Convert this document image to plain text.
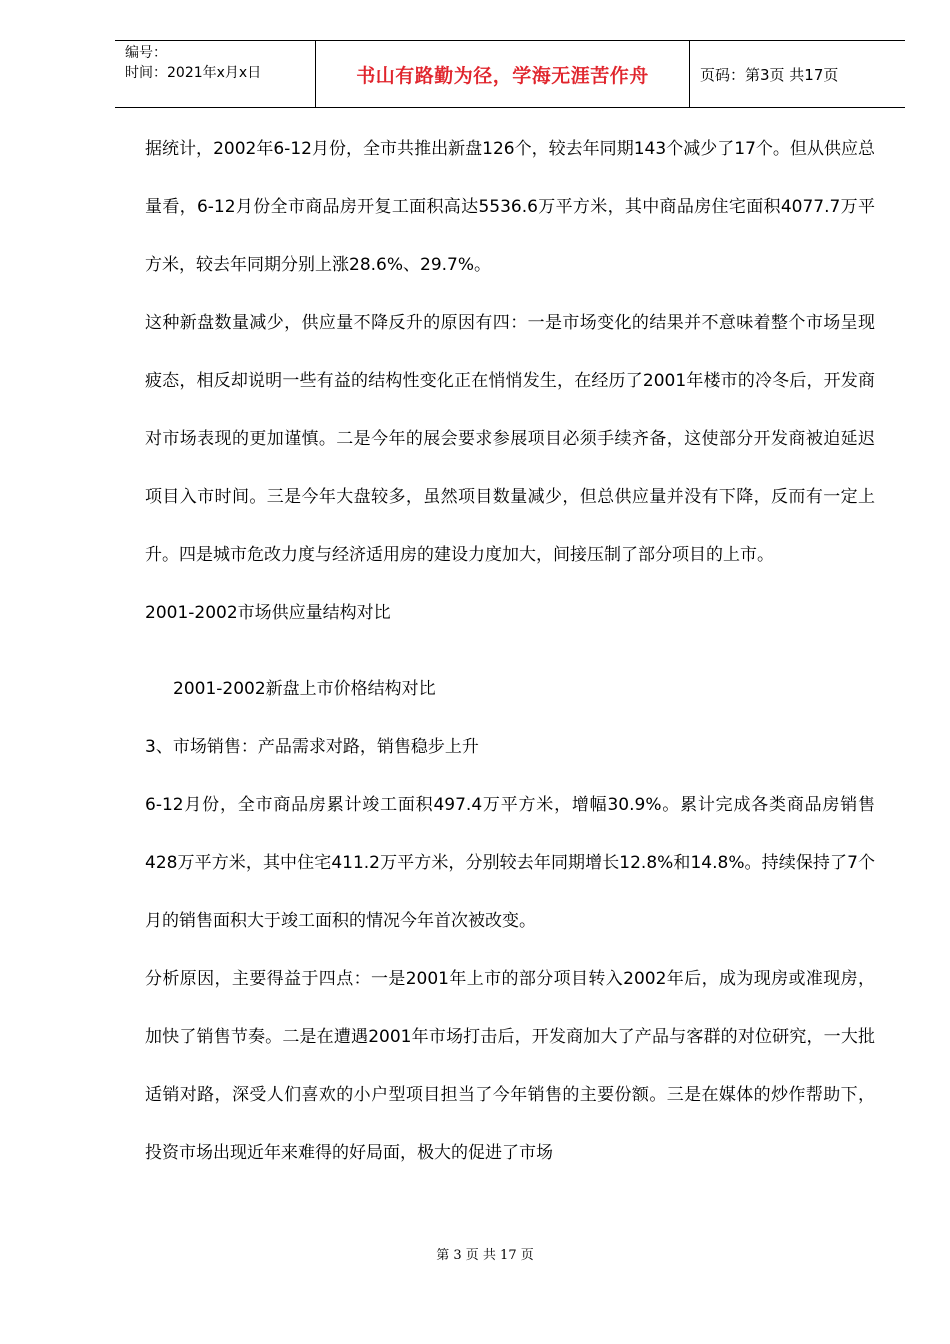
编号：
时间：2021年x月x日	书山有路勤为径，学海无涯苦作舟	页码：第3页 共17页

据统计，2002年6-12月份，全市共推出新盘126个，较去年同期143个减少了17个。但从供应总量看，6-12月份全市商品房开复工面积高达5536.6万平方米，其中商品房住宅面积4077.7万平方米，较去年同期分别上涨28.6%、29.7%。

这种新盘数量减少，供应量不降反升的原因有四：一是市场变化的结果并不意味着整个市场呈现疲态，相反却说明一些有益的结构性变化正在悄悄发生，在经历了2001年楼市的冷冬后，开发商对市场表现的更加谨慎。二是今年的展会要求参展项目必须手续齐备，这使部分开发商被迫延迟项目入市时间。三是今年大盘较多，虽然项目数量减少，但总供应量并没有下降，反而有一定上升。四是城市危改力度与经济适用房的建设力度加大，间接压制了部分项目的上市。

2001-2002市场供应量结构对比

2001-2002新盘上市价格结构对比

3、市场销售：产品需求对路，销售稳步上升

6-12月份，全市商品房累计竣工面积497.4万平方米，增幅30.9%。累计完成各类商品房销售428万平方米，其中住宅411.2万平方米，分别较去年同期增长12.8%和14.8%。持续保持了7个月的销售面积大于竣工面积的情况今年首次被改变。

分析原因，主要得益于四点：一是2001年上市的部分项目转入2002年后，成为现房或准现房，加快了销售节奏。二是在遭遇2001年市场打击后，开发商加大了产品与客群的对位研究，一大批适销对路，深受人们喜欢的小户型项目担当了今年销售的主要份额。三是在媒体的炒作帮助下，投资市场出现近年来难得的好局面，极大的促进了市场

第 3 页 共 17 页
